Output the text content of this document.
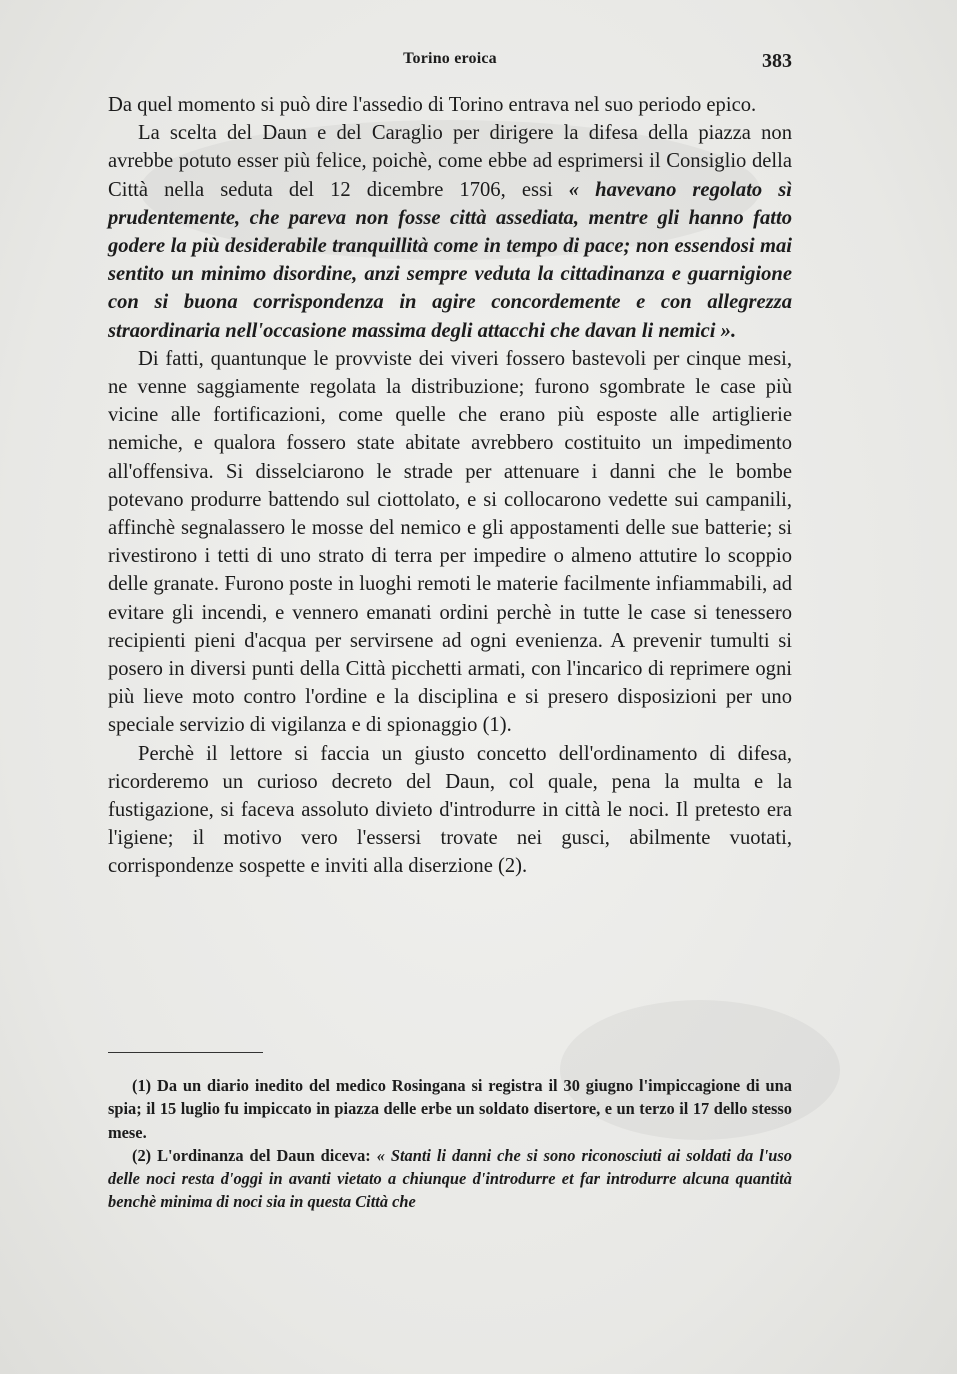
Torino eroica	383

Da quel momento si può dire l'assedio di Torino entrava nel suo periodo epico.

La scelta del Daun e del Caraglio per dirigere la difesa della piazza non avrebbe potuto esser più felice, poichè, come ebbe ad esprimersi il Consiglio della Città nella seduta del 12 dicembre 1706, essi « havevano regolato sì prudentemente, che pareva non fosse città assediata, mentre gli hanno fatto godere la più desiderabile tranquillità come in tempo di pace; non essendosi mai sentito un minimo disordine, anzi sempre veduta la cittadinanza e guarnigione con si buona corrispondenza in agire concordemente e con allegrezza straordinaria nell'occasione massima degli attacchi che davan li nemici ».

Di fatti, quantunque le provviste dei viveri fossero bastevoli per cinque mesi, ne venne saggiamente regolata la distribuzione; furono sgombrate le case più vicine alle fortificazioni, come quelle che erano più esposte alle artiglierie nemiche, e qualora fossero state abitate avrebbero costituito un impedimento all'offensiva. Si disselciarono le strade per attenuare i danni che le bombe potevano produrre battendo sul ciottolato, e si collocarono vedette sui campanili, affinchè segnalassero le mosse del nemico e gli appostamenti delle sue batterie; si rivestirono i tetti di uno strato di terra per impedire o almeno attutire lo scoppio delle granate. Furono poste in luoghi remoti le materie facilmente infiammabili, ad evitare gli incendi, e vennero emanati ordini perchè in tutte le case si tenessero recipienti pieni d'acqua per servirsene ad ogni evenienza. A prevenir tumulti si posero in diversi punti della Città picchetti armati, con l'incarico di reprimere ogni più lieve moto contro l'ordine e la disciplina e si presero disposizioni per uno speciale servizio di vigilanza e di spionaggio (1).

Perchè il lettore si faccia un giusto concetto dell'ordinamento di difesa, ricorderemo un curioso decreto del Daun, col quale, pena la multa e la fustigazione, si faceva assoluto divieto d'introdurre in città le noci. Il pretesto era l'igiene; il motivo vero l'essersi trovate nei gusci, abilmente vuotati, corrispondenze sospette e inviti alla diserzione (2).

(1) Da un diario inedito del medico Rosingana si registra il 30 giugno l'impiccagione di una spia; il 15 luglio fu impiccato in piazza delle erbe un soldato disertore, e un terzo il 17 dello stesso mese.

(2) L'ordinanza del Daun diceva: « Stanti li danni che si sono riconosciuti ai soldati da l'uso delle noci resta d'oggi in avanti vietato a chiunque d'introdurre et far introdurre alcuna quantità benchè minima di noci sia in questa Città che
